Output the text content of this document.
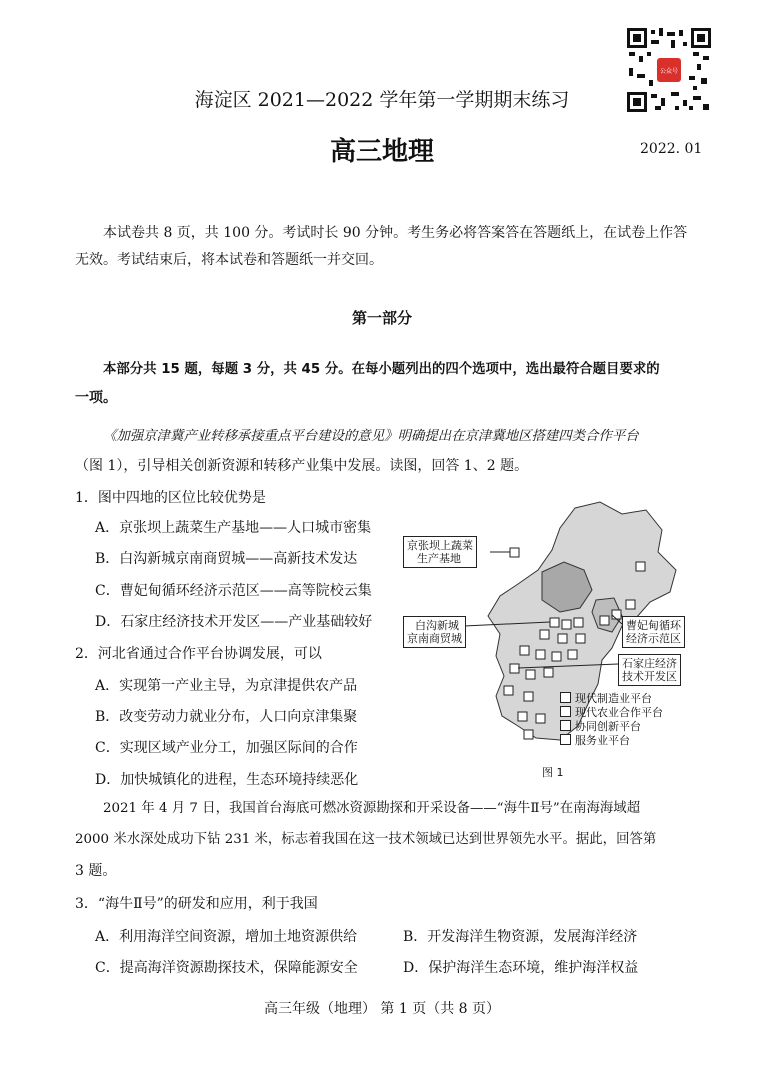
公众号
海淀区 2021—2022 学年第一学期期末练习
高三地理	2022. 01
本试卷共 8 页，共 100 分。考试时长 90 分钟。考生务必将答案答在答题纸上，在试卷上作答
无效。考试结束后，将本试卷和答题纸一并交回。
第一部分
本部分共 15 题，每题 3 分，共 45 分。在每小题列出的四个选项中，选出最符合题目要求的
一项。
《加强京津冀产业转移承接重点平台建设的意见》明确提出在京津冀地区搭建四类合作平台
（图 1），引导相关创新资源和转移产业集中发展。读图，回答 1、2 题。
1．图中四地的区位比较优势是
A．京张坝上蔬菜生产基地——人口城市密集
B．白沟新城京南商贸城——高新技术发达
C．曹妃甸循环经济示范区——高等院校云集
D．石家庄经济技术开发区——产业基础较好
2．河北省通过合作平台协调发展，可以
A．实现第一产业主导，为京津提供农产品
B．改变劳动力就业分布，人口向京津集聚
C．实现区域产业分工，加强区际间的合作
D．加快城镇化的进程，生态环境持续恶化
京张坝上蔬菜
生产基地
白沟新城
京南商贸城
曹妃甸循环
经济示范区
石家庄经济
技术开发区
现代制造业平台
现代农业合作平台
协同创新平台
服务业平台
图 1
2021 年 4 月 7 日，我国首台海底可燃冰资源勘探和开采设备——“海牛Ⅱ号”在南海海域超
2000 米水深处成功下钻 231 米，标志着我国在这一技术领域已达到世界领先水平。据此，回答第
3 题。
3．“海牛Ⅱ号”的研发和应用，利于我国
A．利用海洋空间资源，增加土地资源供给	B．开发海洋生物资源，发展海洋经济
C．提高海洋资源勘探技术，保障能源安全	D．保护海洋生态环境，维护海洋权益
高三年级（地理） 第 1 页（共 8 页）
